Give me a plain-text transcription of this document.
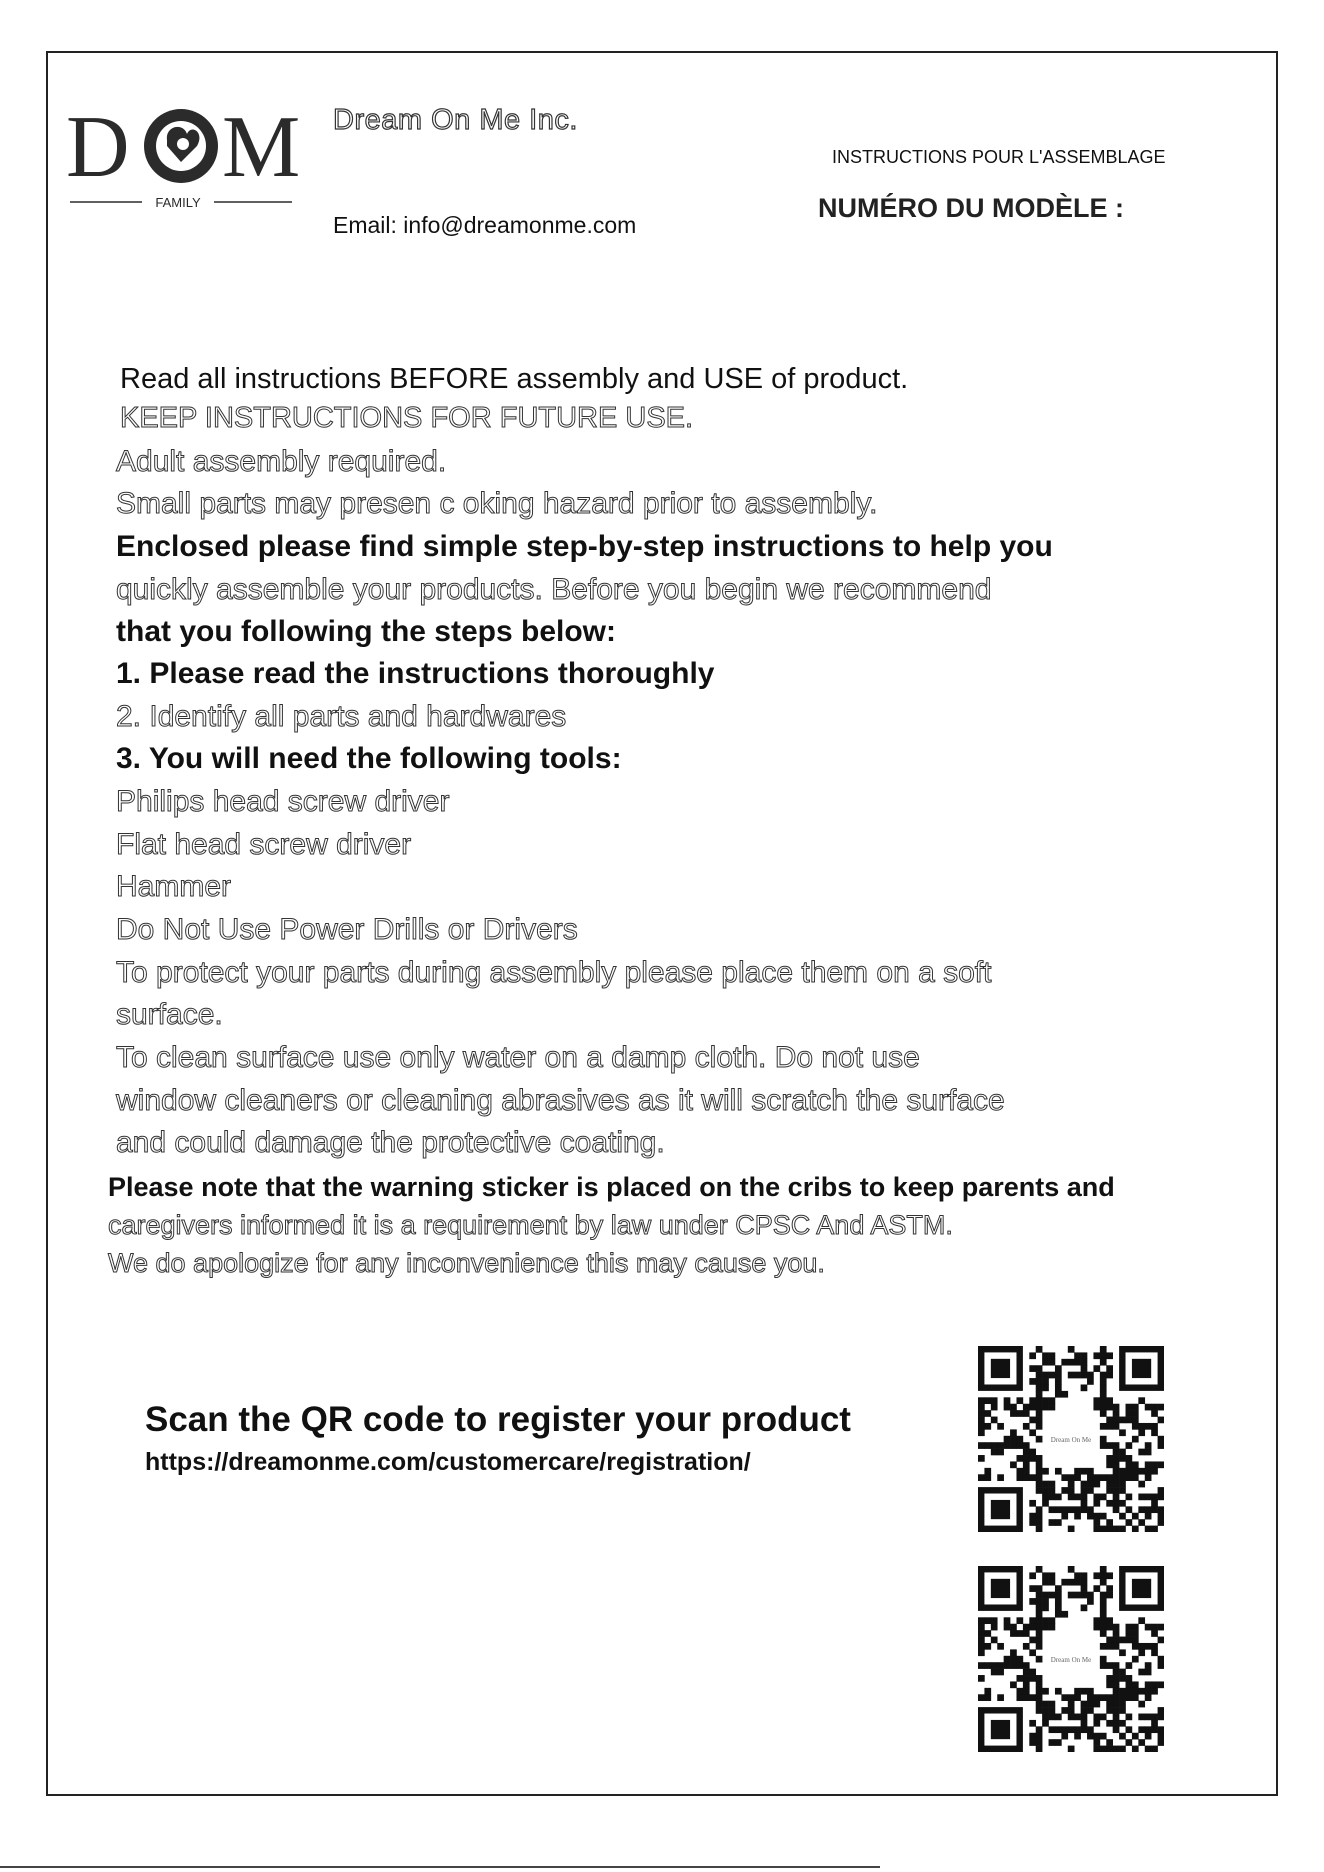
D M
FAMILY
Dream On Me Inc.
Email: info@dreamonme.com
INSTRUCTIONS POUR L'ASSEMBLAGE
NUMÉRO DU MODÈLE :
Read all instructions BEFORE assembly and USE of product.
KEEP INSTRUCTIONS FOR FUTURE USE.
Adult assembly required.
Small parts may presen c oking hazard prior to assembly.
Enclosed please find simple step-by-step instructions to help you
quickly assemble your products. Before you begin we recommend
that you following the steps below:
1. Please read the instructions thoroughly
2. Identify all parts and hardwares
3. You will need the following tools:
Philips head screw driver
Flat head screw driver
Hammer
Do Not Use Power Drills or Drivers
To protect your parts during assembly please place them on a soft
surface.
To clean surface use only water on a damp cloth. Do not use
window cleaners or cleaning abrasives as it will scratch the surface
and could damage the protective coating.
Please note that the warning sticker is placed on the cribs to keep parents and
caregivers informed it is a requirement by law under CPSC And ASTM.
We do apologize for any inconvenience this may cause you.
Scan the QR code to register your product
https://dreamonme.com/customercare/registration/
Dream On Me
Dream On Me
